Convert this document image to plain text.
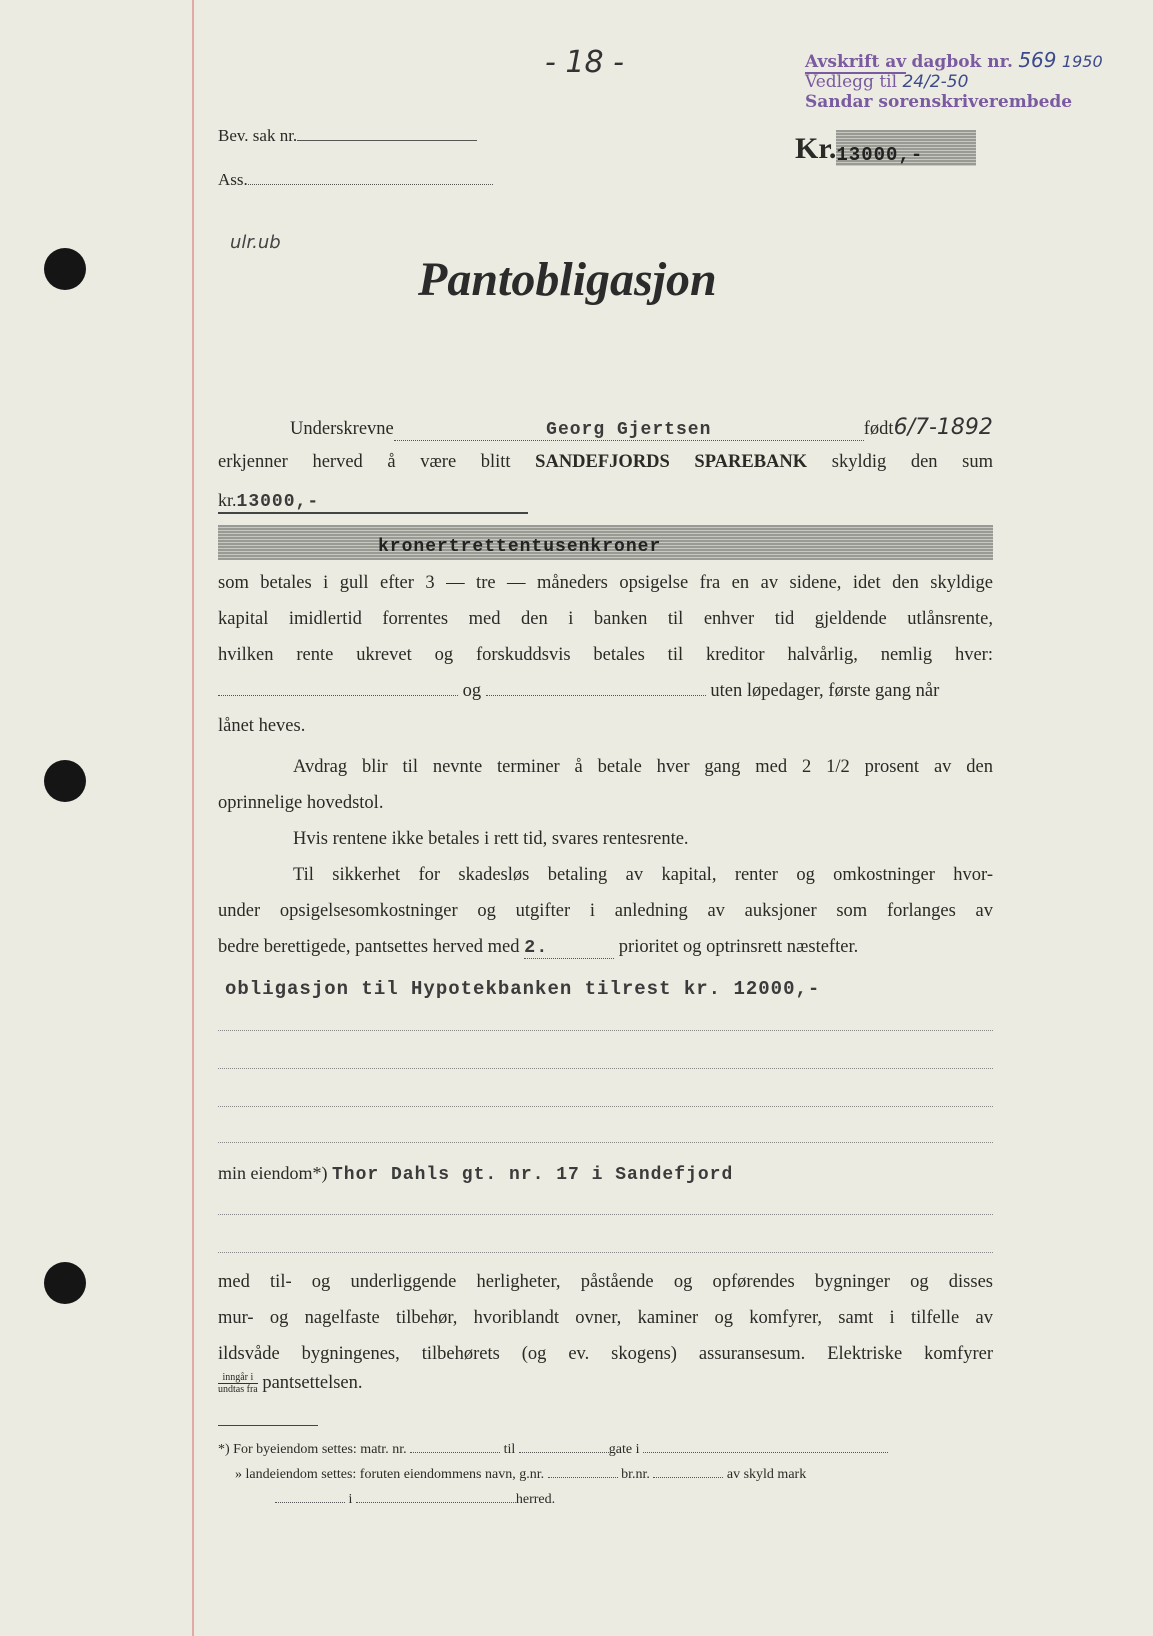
- 18 -	Avskrift av dagbok nr. 569 1950
Vedlegg til 24/2-50
Sandar sorenskriverembede
Bev. sak nr.
Ass.
Kr.13000,-
ulr.ub
Pantobligasjon
Underskrevne	Georg Gjertsen	født6/7-1892
erkjenner herved å være blitt SANDEFJORDS SPAREBANK skyldig den sum
kr.13000,-
kronertrettentusenkroner
som betales i gull efter 3 — tre — måneders opsigelse fra en av sidene, idet den skyldige
kapital imidlertid forrentes med den i banken til enhver tid gjeldende utlånsrente,
hvilken rente ukrevet og forskuddsvis betales til kreditor halvårlig, nemlig hver:
og	uten løpedager, første gang når
lånet heves.
Avdrag blir til nevnte terminer å betale hver gang med 2 1/2 prosent av den
oprinnelige hovedstol.
Hvis rentene ikke betales i rett tid, svares rentesrente.
Til sikkerhet for skadesløs betaling av kapital, renter og omkostninger hvor-
under opsigelsesomkostninger og utgifter i anledning av auksjoner som forlanges av
bedre berettigede, pantsettes herved med 2.	prioritet og optrinsrett næstefter.
obligasjon til Hypotekbanken tilrest kr. 12000,-
min eiendom*) Thor Dahls gt. nr. 17 i Sandefjord
med til- og underliggende herligheter, påstående og opførendes bygninger og disses
mur- og nagelfaste tilbehør, hvoriblandt ovner, kaminer og komfyrer, samt i tilfelle av
ildsvåde bygningenes, tilbehørets (og ev. skogens) assuransesum. Elektriske komfyrer
inngår i
undtas fra pantsettelsen.
*) For byeiendom settes: matr. nr.	til	gate i
» landeiendom settes: foruten eiendommens navn, g.nr.	br.nr.	av skyld mark
i	herred.
